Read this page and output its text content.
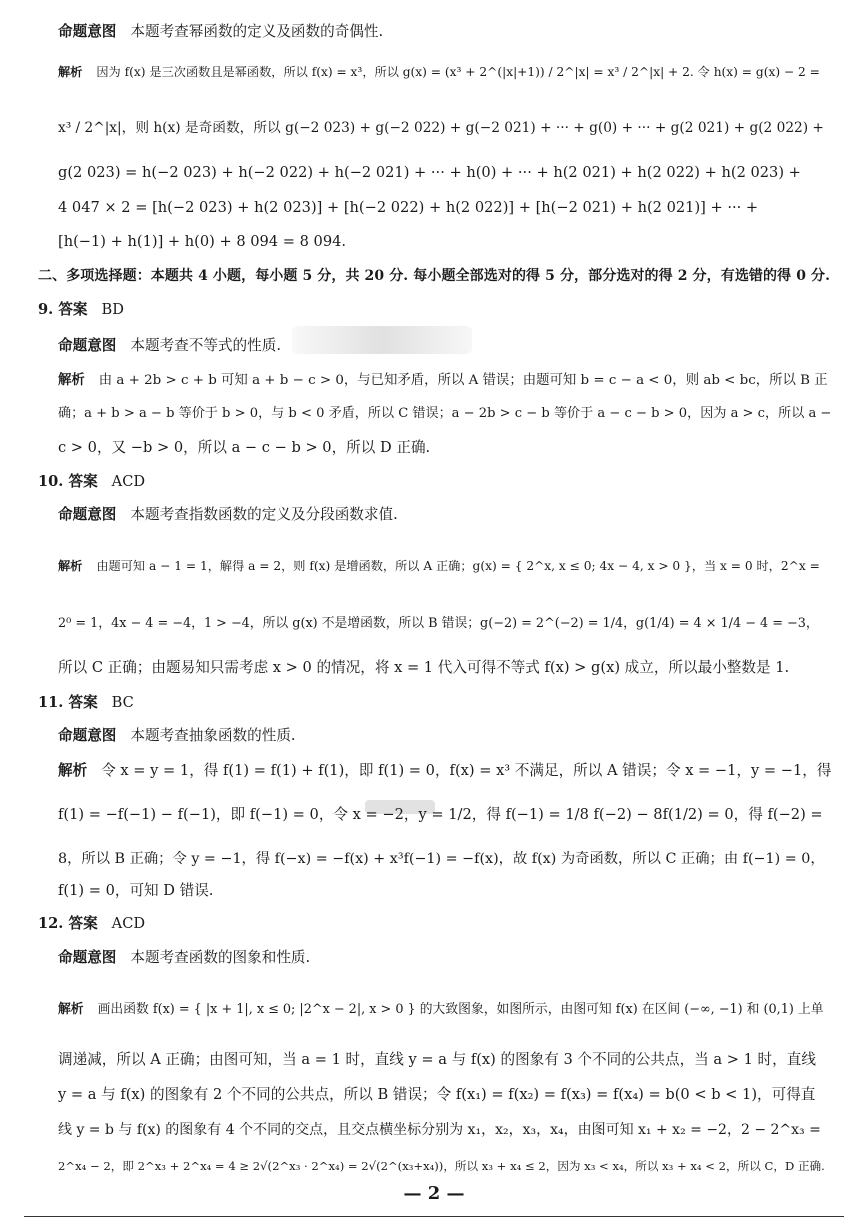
命题意图 本题考查幂函数的定义及函数的奇偶性.
解析 因为 f(x) 是三次函数且是幂函数，所以 f(x) = x³，所以 g(x) = (x³ + 2^(|x|+1)) / 2^|x| = x³ / 2^|x| + 2. 令 h(x) = g(x) − 2 =
x³ / 2^|x|，则 h(x) 是奇函数，所以 g(−2 023) + g(−2 022) + g(−2 021) + ··· + g(0) + ··· + g(2 021) + g(2 022) +
g(2 023) = h(−2 023) + h(−2 022) + h(−2 021) + ··· + h(0) + ··· + h(2 021) + h(2 022) + h(2 023) +
4 047 × 2 = [h(−2 023) + h(2 023)] + [h(−2 022) + h(2 022)] + [h(−2 021) + h(2 021)] + ··· +
[h(−1) + h(1)] + h(0) + 8 094 = 8 094.
二、多项选择题：本题共 4 小题，每小题 5 分，共 20 分. 每小题全部选对的得 5 分，部分选对的得 2 分，有选错的得 0 分.
9. 答案 BD
命题意图 本题考查不等式的性质.
解析 由 a + 2b > c + b 可知 a + b − c > 0，与已知矛盾，所以 A 错误；由题可知 b = c − a < 0，则 ab < bc，所以 B 正
确；a + b > a − b 等价于 b > 0，与 b < 0 矛盾，所以 C 错误；a − 2b > c − b 等价于 a − c − b > 0，因为 a > c，所以 a −
c > 0，又 −b > 0，所以 a − c − b > 0，所以 D 正确.
10. 答案 ACD
命题意图 本题考查指数函数的定义及分段函数求值.
解析 由题可知 a − 1 = 1，解得 a = 2，则 f(x) 是增函数，所以 A 正确；g(x) = { 2^x, x ≤ 0; 4x − 4, x > 0 }，当 x = 0 时，2^x =
2⁰ = 1，4x − 4 = −4，1 > −4，所以 g(x) 不是增函数，所以 B 错误；g(−2) = 2^(−2) = 1/4，g(1/4) = 4 × 1/4 − 4 = −3，
所以 C 正确；由题易知只需考虑 x > 0 的情况，将 x = 1 代入可得不等式 f(x) > g(x) 成立，所以最小整数是 1.
11. 答案 BC
命题意图 本题考查抽象函数的性质.
解析 令 x = y = 1，得 f(1) = f(1) + f(1)，即 f(1) = 0，f(x) = x³ 不满足，所以 A 错误；令 x = −1，y = −1，得
f(1) = −f(−1) − f(−1)，即 f(−1) = 0，令 x = −2，y = 1/2，得 f(−1) = 1/8 f(−2) − 8f(1/2) = 0，得 f(−2) =
8，所以 B 正确；令 y = −1，得 f(−x) = −f(x) + x³f(−1) = −f(x)，故 f(x) 为奇函数，所以 C 正确；由 f(−1) = 0，
f(1) = 0，可知 D 错误.
12. 答案 ACD
命题意图 本题考查函数的图象和性质.
解析 画出函数 f(x) = { |x + 1|, x ≤ 0; |2^x − 2|, x > 0 } 的大致图象，如图所示，由图可知 f(x) 在区间 (−∞, −1) 和 (0,1) 上单
调递减，所以 A 正确；由图可知，当 a = 1 时，直线 y = a 与 f(x) 的图象有 3 个不同的公共点，当 a > 1 时，直线
y = a 与 f(x) 的图象有 2 个不同的公共点，所以 B 错误；令 f(x₁) = f(x₂) = f(x₃) = f(x₄) = b(0 < b < 1)，可得直
线 y = b 与 f(x) 的图象有 4 个不同的交点，且交点横坐标分别为 x₁，x₂，x₃，x₄，由图可知 x₁ + x₂ = −2，2 − 2^x₃ =
2^x₄ − 2，即 2^x₃ + 2^x₄ = 4 ≥ 2√(2^x₃ · 2^x₄) = 2√(2^(x₃+x₄))，所以 x₃ + x₄ ≤ 2，因为 x₃ < x₄，所以 x₃ + x₄ < 2，所以 C，D 正确.
— 2 —
